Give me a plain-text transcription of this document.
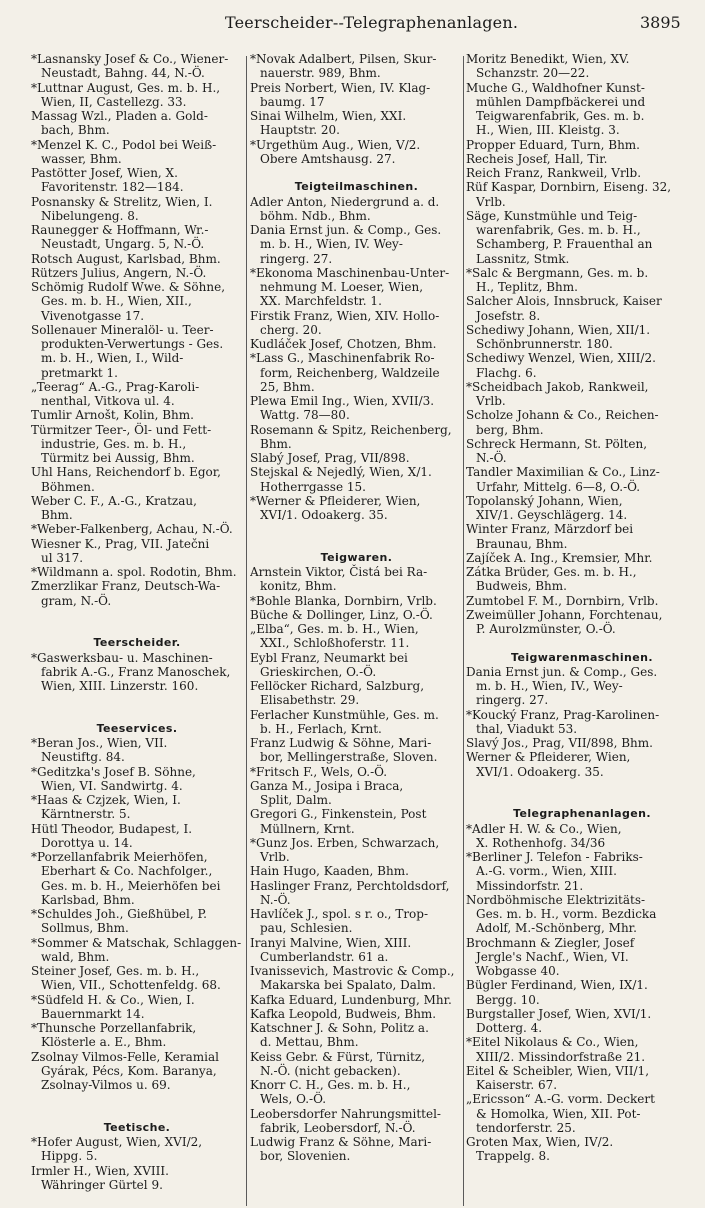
Teerscheider--Telegraphenanlagen.	3895
*Lasnansky Josef & Co., Wiener-
Neustadt, Bahng. 44, N.-Ö.
*Luttnar August, Ges. m. b. H.,
Wien, II, Castellezg. 33.
Massag Wzl., Pladen a. Gold-
bach, Bhm.
*Menzel K. C., Podol bei Weiß-
wasser, Bhm.
Pastötter Josef, Wien, X.
Favoritenstr. 182—184.
Posnansky & Strelitz, Wien, I.
Nibelungeng. 8.
Raunegger & Hoffmann, Wr.-
Neustadt, Ungarg. 5, N.-Ö.
Rotsch August, Karlsbad, Bhm.
Rützers Julius, Angern, N.-Ö.
Schömig Rudolf Wwe. & Söhne,
Ges. m. b. H., Wien, XII.,
Vivenotgasse 17.
Sollenauer Mineralöl- u. Teer-
produkten-Verwertungs - Ges.
m. b. H., Wien, I., Wild-
pretmarkt 1.
„Teerag“ A.-G., Prag-Karoli-
nenthal, Vitkova ul. 4.
Tumlir Arnošt, Kolin, Bhm.
Türmitzer Teer-, Öl- und Fett-
industrie, Ges. m. b. H.,
Türmitz bei Aussig, Bhm.
Uhl Hans, Reichendorf b. Egor,
Böhmen.
Weber C. F., A.-G., Kratzau,
Bhm.
*Weber-Falkenberg, Achau, N.-Ö.
Wiesner K., Prag, VII. Jatečni
ul 317.
*Wildmann a. spol. Rodotin, Bhm.
Zmerzlikar Franz, Deutsch-Wa-
gram, N.-Ö.
Teerscheider.
*Gaswerksbau- u. Maschinen-
fabrik A.-G., Franz Manoschek,
Wien, XIII. Linzerstr. 160.
Teeservices.
*Beran Jos., Wien, VII.
Neustiftg. 84.
*Geditzka's Josef B. Söhne,
Wien, VI. Sandwirtg. 4.
*Haas & Czjzek, Wien, I.
Kärntnerstr. 5.
Hütl Theodor, Budapest, I.
Dorottya u. 14.
*Porzellanfabrik Meierhöfen,
Eberhart & Co. Nachfolger.,
Ges. m. b. H., Meierhöfen bei
Karlsbad, Bhm.
*Schuldes Joh., Gießhübel, P.
Sollmus, Bhm.
*Sommer & Matschak, Schlaggen-
wald, Bhm.
Steiner Josef, Ges. m. b. H.,
Wien, VII., Schottenfeldg. 68.
*Südfeld H. & Co., Wien, I.
Bauernmarkt 14.
*Thunsche Porzellanfabrik,
Klösterle a. E., Bhm.
Zsolnay Vilmos-Felle, Keramial
Gyárak, Pécs, Kom. Baranya,
Zsolnay-Vilmos u. 69.
Teetische.
*Hofer August, Wien, XVI/2,
Hippg. 5.
Irmler H., Wien, XVIII.
Währinger Gürtel 9.
*Novak Adalbert, Pilsen, Skur-
nauerstr. 989, Bhm.
Preis Norbert, Wien, IV. Klag-
baumg. 17
Sinai Wilhelm, Wien, XXI.
Hauptstr. 20.
*Urgethüm Aug., Wien, V/2.
Obere Amtshausg. 27.
Teigteilmaschinen.
Adler Anton, Niedergrund a. d.
böhm. Ndb., Bhm.
Dania Ernst jun. & Comp., Ges.
m. b. H., Wien, IV. Wey-
ringerg. 27.
*Ekonoma Maschinenbau-Unter-
nehmung M. Loeser, Wien,
XX. Marchfeldstr. 1.
Firstik Franz, Wien, XIV. Hollo-
cherg. 20.
Kudláček Josef, Chotzen, Bhm.
*Lass G., Maschinenfabrik Ro-
form, Reichenberg, Waldzeile
25, Bhm.
Plewa Emil Ing., Wien, XVII/3.
Wattg. 78—80.
Rosemann & Spitz, Reichenberg,
Bhm.
Slabý Josef, Prag, VII/898.
Stejskal & Nejedlý, Wien, X/1.
Hotherrgasse 15.
*Werner & Pfleiderer, Wien,
XVI/1. Odoakerg. 35.
Teigwaren.
Arnstein Viktor, Čistá bei Ra-
konitz, Bhm.
*Bohle Blanka, Dornbirn, Vrlb.
Büche & Dollinger, Linz, O.-Ö.
„Elba“, Ges. m. b. H., Wien,
XXI., Schloßhoferstr. 11.
Eybl Franz, Neumarkt bei
Grieskirchen, O.-Ö.
Fellöcker Richard, Salzburg,
Elisabethstr. 29.
Ferlacher Kunstmühle, Ges. m.
b. H., Ferlach, Krnt.
Franz Ludwig & Söhne, Mari-
bor, Mellingerstraße, Sloven.
*Fritsch F., Wels, O.-Ö.
Ganza M., Josipa i Braca,
Split, Dalm.
Gregori G., Finkenstein, Post
Müllnern, Krnt.
*Gunz Jos. Erben, Schwarzach,
Vrlb.
Hain Hugo, Kaaden, Bhm.
Haslinger Franz, Perchtoldsdorf,
N.-Ö.
Havlíček J., spol. s r. o., Trop-
pau, Schlesien.
Iranyi Malvine, Wien, XIII.
Cumberlandstr. 61 a.
Ivanissevich, Mastrovic & Comp.,
Makarska bei Spalato, Dalm.
Kafka Eduard, Lundenburg, Mhr.
Kafka Leopold, Budweis, Bhm.
Katschner J. & Sohn, Politz a.
d. Mettau, Bhm.
Keiss Gebr. & Fürst, Türnitz,
N.-Ö. (nicht gebacken).
Knorr C. H., Ges. m. b. H.,
Wels, O.-Ö.
Leobersdorfer Nahrungsmittel-
fabrik, Leobersdorf, N.-Ö.
Ludwig Franz & Söhne, Mari-
bor, Slovenien.
Moritz Benedikt, Wien, XV.
Schanzstr. 20—22.
Muche G., Waldhofner Kunst-
mühlen Dampfbäckerei und
Teigwarenfabrik, Ges. m. b.
H., Wien, III. Kleistg. 3.
Propper Eduard, Turn, Bhm.
Recheis Josef, Hall, Tir.
Reich Franz, Rankweil, Vrlb.
Rüf Kaspar, Dornbirn, Eiseng. 32,
Vrlb.
Säge, Kunstmühle und Teig-
warenfabrik, Ges. m. b. H.,
Schamberg, P. Frauenthal an
Lassnitz, Stmk.
*Salc & Bergmann, Ges. m. b.
H., Teplitz, Bhm.
Salcher Alois, Innsbruck, Kaiser
Josefstr. 8.
Schediwy Johann, Wien, XII/1.
Schönbrunnerstr. 180.
Schediwy Wenzel, Wien, XIII/2.
Flachg. 6.
*Scheidbach Jakob, Rankweil,
Vrlb.
Scholze Johann & Co., Reichen-
berg, Bhm.
Schreck Hermann, St. Pölten,
N.-Ö.
Tandler Maximilian & Co., Linz-
Urfahr, Mittelg. 6—8, O.-Ö.
Topolanský Johann, Wien,
XIV/1. Geyschlägerg. 14.
Winter Franz, Märzdorf bei
Braunau, Bhm.
Zajíček A. Ing., Kremsier, Mhr.
Zátka Brüder, Ges. m. b. H.,
Budweis, Bhm.
Zumtobel F. M., Dornbirn, Vrlb.
Zweimüller Johann, Forchtenau,
P. Aurolzmünster, O.-Ö.
Teigwarenmaschinen.
Dania Ernst jun. & Comp., Ges.
m. b. H., Wien, IV., Wey-
ringerg. 27.
*Koucký Franz, Prag-Karolinen-
thal, Viadukt 53.
Slavý Jos., Prag, VII/898, Bhm.
Werner & Pfleiderer, Wien,
XVI/1. Odoakerg. 35.
Telegraphenanlagen.
*Adler H. W. & Co., Wien,
X. Rothenhofg. 34/36
*Berliner J. Telefon - Fabriks-
A.-G. vorm., Wien, XIII.
Missindorfstr. 21.
Nordböhmische Elektrizitäts-
Ges. m. b. H., vorm. Bezdicka
Adolf, M.-Schönberg, Mhr.
Brochmann & Ziegler, Josef
Jergle's Nachf., Wien, VI.
Wobgasse 40.
Bügler Ferdinand, Wien, IX/1.
Bergg. 10.
Burgstaller Josef, Wien, XVI/1.
Dotterg. 4.
*Eitel Nikolaus & Co., Wien,
XIII/2. Missindorfstraße 21.
Eitel & Scheibler, Wien, VII/1,
Kaiserstr. 67.
„Ericsson“ A.-G. vorm. Deckert
& Homolka, Wien, XII. Pot-
tendorferstr. 25.
Groten Max, Wien, IV/2.
Trappelg. 8.
